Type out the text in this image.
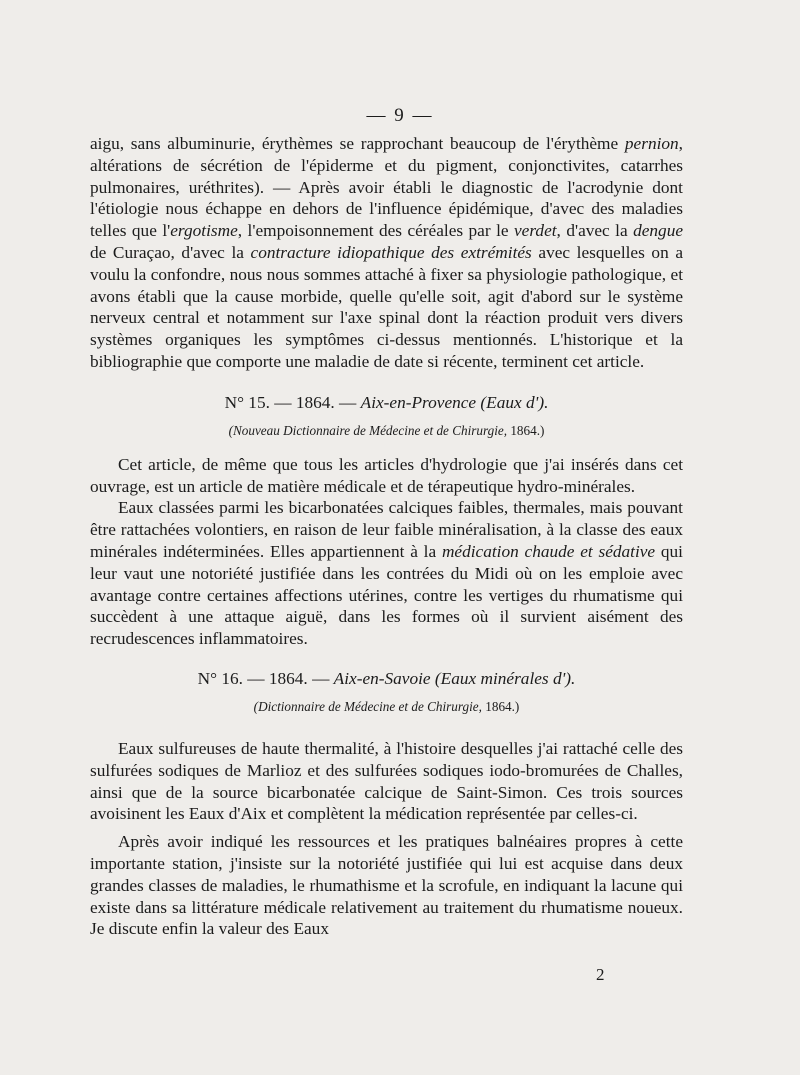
— 9 —

aigu, sans albuminurie, érythèmes se rapprochant beaucoup de l'érythème pernion, altérations de sécrétion de l'épiderme et du pigment, conjonctivites, catarrhes pulmonaires, uréthrites). — Après avoir établi le diagnostic de l'acrodynie dont l'étiologie nous échappe en dehors de l'influence épidémique, d'avec des maladies telles que l'ergotisme, l'empoisonnement des céréales par le verdet, d'avec la dengue de Curaçao, d'avec la contracture idiopathique des extrémités avec lesquelles on a voulu la confondre, nous nous sommes attaché à fixer sa physiologie pathologique, et avons établi que la cause morbide, quelle qu'elle soit, agit d'abord sur le système nerveux central et notamment sur l'axe spinal dont la réaction produit vers divers systèmes organiques les symptômes ci-dessus mentionnés. L'historique et la bibliographie que comporte une maladie de date si récente, terminent cet article.

N° 15. — 1864. — Aix-en-Provence (Eaux d').
(Nouveau Dictionnaire de Médecine et de Chirurgie, 1864.)

Cet article, de même que tous les articles d'hydrologie que j'ai insérés dans cet ouvrage, est un article de matière médicale et de térapeutique hydro-minérales.

Eaux classées parmi les bicarbonatées calciques faibles, thermales, mais pouvant être rattachées volontiers, en raison de leur faible minéralisation, à la classe des eaux minérales indéterminées. Elles appartiennent à la médication chaude et sédative qui leur vaut une notoriété justifiée dans les contrées du Midi où on les emploie avec avantage contre certaines affections utérines, contre les vertiges du rhumatisme qui succèdent à une attaque aiguë, dans les formes où il survient aisément des recrudescences inflammatoires.

N° 16. — 1864. — Aix-en-Savoie (Eaux minérales d').
(Dictionnaire de Médecine et de Chirurgie, 1864.)

Eaux sulfureuses de haute thermalité, à l'histoire desquelles j'ai rattaché celle des sulfurées sodiques de Marlioz et des sulfurées sodiques iodo-bromurées de Challes, ainsi que de la source bicarbonatée calcique de Saint-Simon. Ces trois sources avoisinent les Eaux d'Aix et complètent la médication représentée par celles-ci.

Après avoir indiqué les ressources et les pratiques balnéaires propres à cette importante station, j'insiste sur la notoriété justifiée qui lui est acquise dans deux grandes classes de maladies, le rhumathisme et la scrofule, en indiquant la lacune qui existe dans sa littérature médicale relativement au traitement du rhumatisme noueux. Je discute enfin la valeur des Eaux

2
